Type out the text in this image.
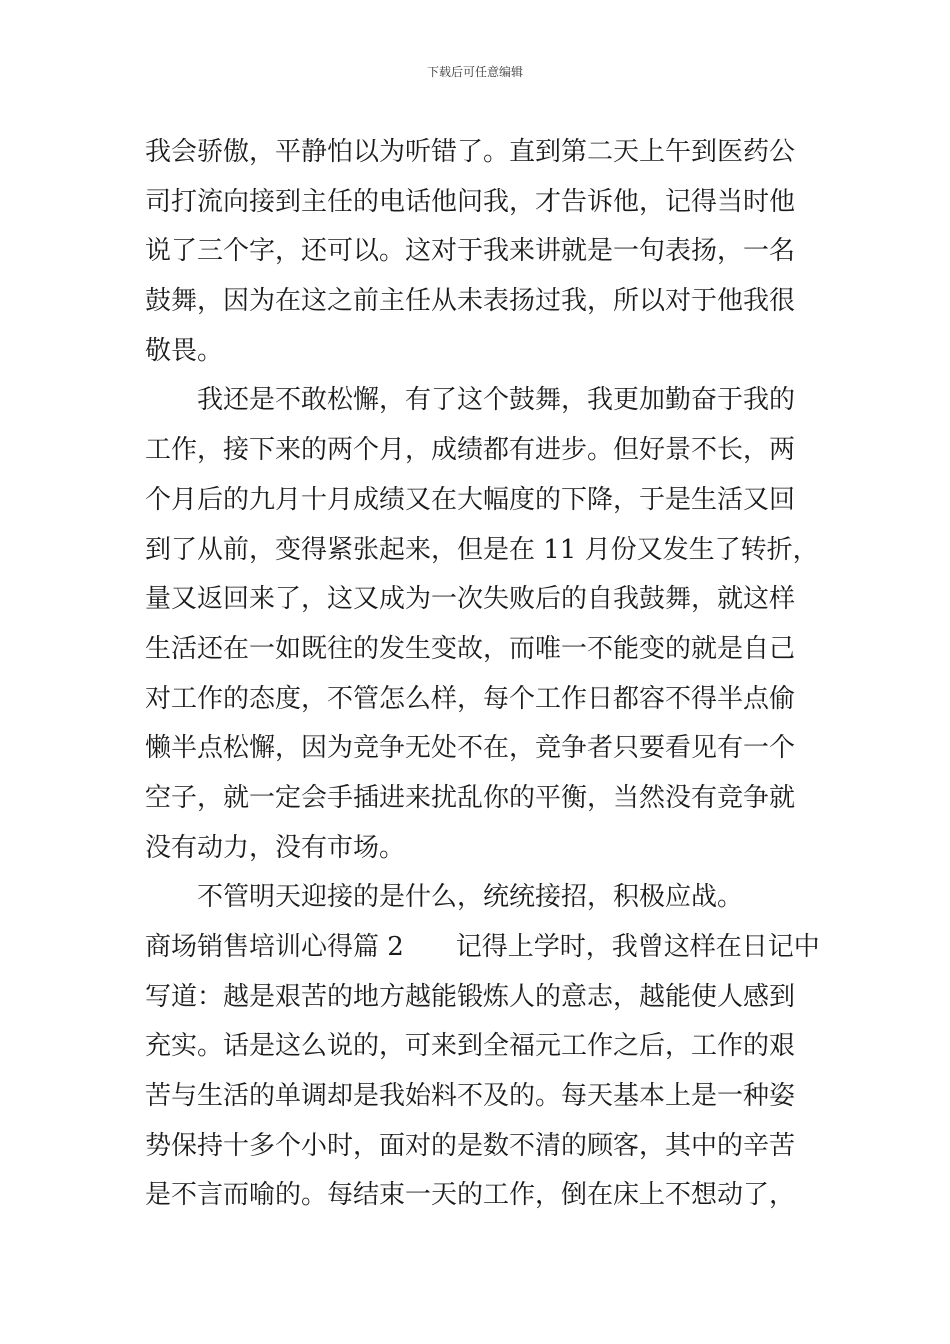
下载后可任意编辑
我会骄傲，平静怕以为听错了。直到第二天上午到医药公
司打流向接到主任的电话他问我，才告诉他，记得当时他
说了三个字，还可以。这对于我来讲就是一句表扬，一名
鼓舞，因为在这之前主任从未表扬过我，所以对于他我很
敬畏。
我还是不敢松懈，有了这个鼓舞，我更加勤奋于我的
工作，接下来的两个月，成绩都有进步。但好景不长，两
个月后的九月十月成绩又在大幅度的下降，于是生活又回
到了从前，变得紧张起来，但是在 11 月份又发生了转折，
量又返回来了，这又成为一次失败后的自我鼓舞，就这样
生活还在一如既往的发生变故，而唯一不能变的就是自己
对工作的态度，不管怎么样，每个工作日都容不得半点偷
懒半点松懈，因为竞争无处不在，竞争者只要看见有一个
空子，就一定会手插进来扰乱你的平衡，当然没有竞争就
没有动力，没有市场。
不管明天迎接的是什么，统统接招，积极应战。
商场销售培训心得篇 2　　记得上学时，我曾这样在日记中
写道：越是艰苦的地方越能锻炼人的意志，越能使人感到
充实。话是这么说的，可来到全福元工作之后，工作的艰
苦与生活的单调却是我始料不及的。每天基本上是一种姿
势保持十多个小时，面对的是数不清的顾客，其中的辛苦
是不言而喻的。每结束一天的工作，倒在床上不想动了，
